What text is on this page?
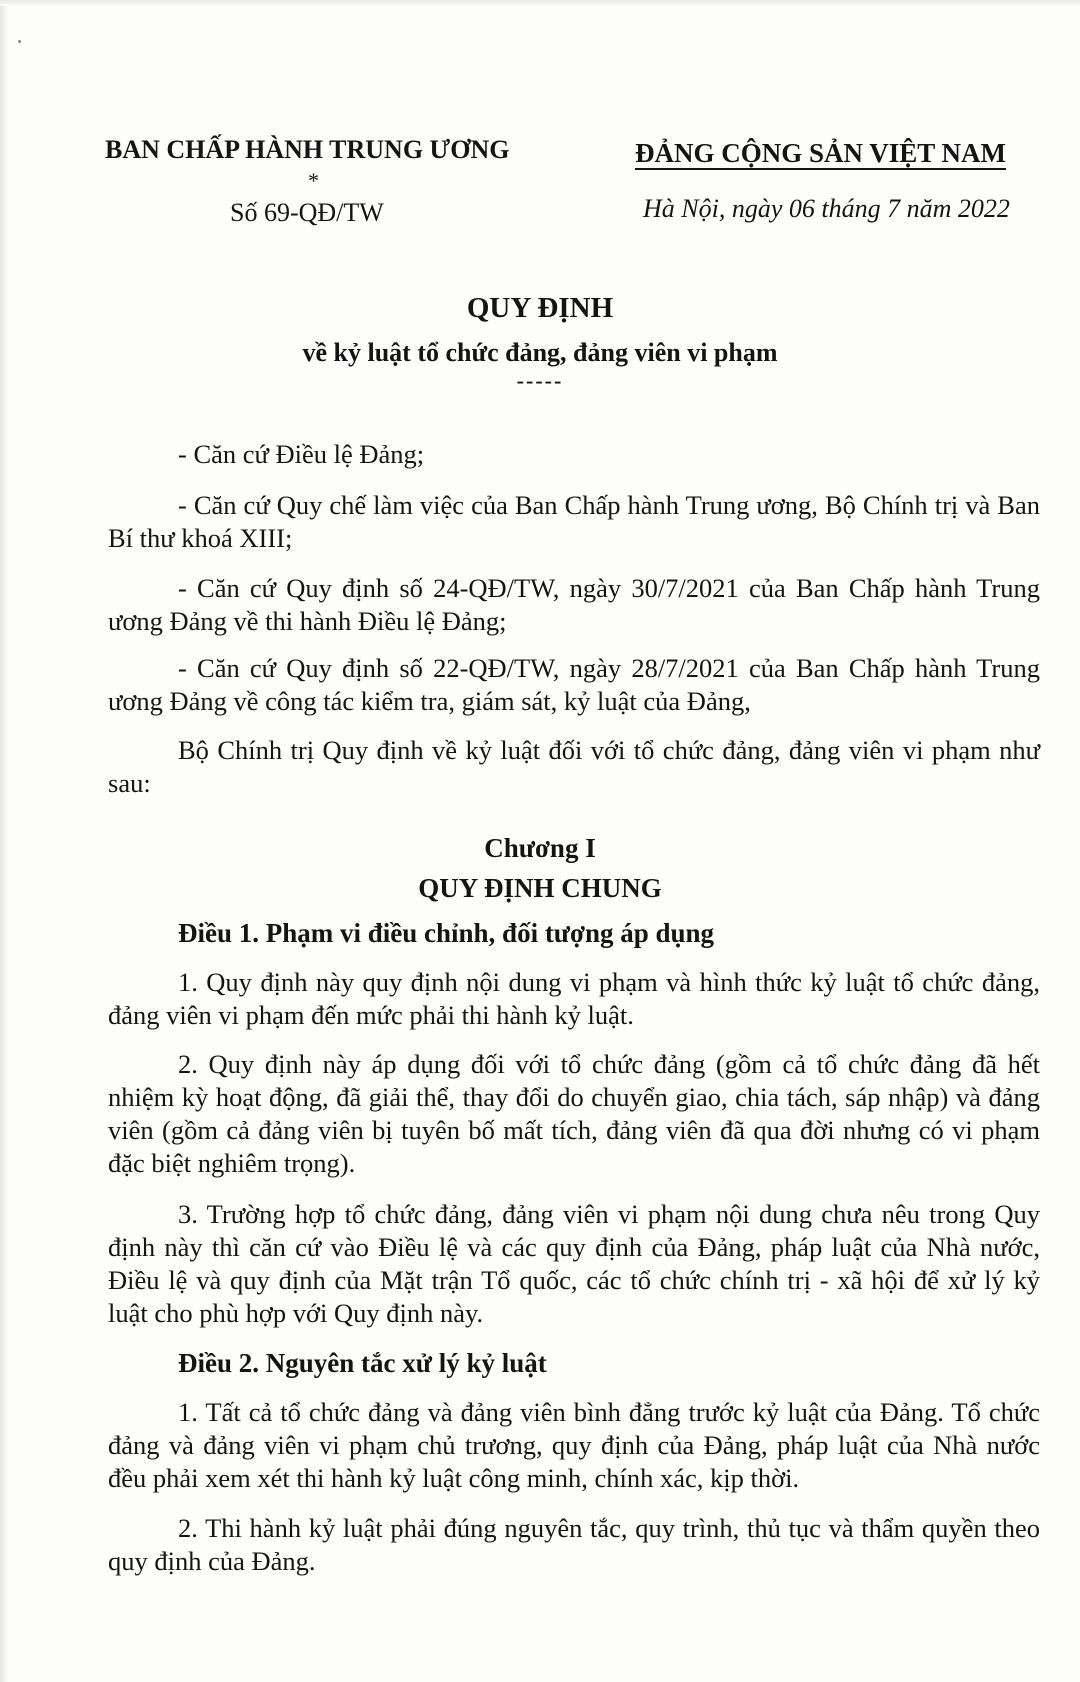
BAN CHẤP HÀNH TRUNG ƯƠNG
*
Số 69-QĐ/TW
ĐẢNG CỘNG SẢN VIỆT NAM
Hà Nội, ngày 06 tháng 7 năm 2022
QUY ĐỊNH
về kỷ luật tổ chức đảng, đảng viên vi phạm
-----

- Căn cứ Điều lệ Đảng;

- Căn cứ Quy chế làm việc của Ban Chấp hành Trung ương, Bộ Chính trị và Ban Bí thư khoá XIII;

- Căn cứ Quy định số 24-QĐ/TW, ngày 30/7/2021 của Ban Chấp hành Trung ương Đảng về thi hành Điều lệ Đảng;

- Căn cứ Quy định số 22-QĐ/TW, ngày 28/7/2021 của Ban Chấp hành Trung ương Đảng về công tác kiểm tra, giám sát, kỷ luật của Đảng,

Bộ Chính trị Quy định về kỷ luật đối với tổ chức đảng, đảng viên vi phạm như sau:

Chương I
QUY ĐỊNH CHUNG
Điều 1. Phạm vi điều chỉnh, đối tượng áp dụng

1. Quy định này quy định nội dung vi phạm và hình thức kỷ luật tổ chức đảng, đảng viên vi phạm đến mức phải thi hành kỷ luật.

2. Quy định này áp dụng đối với tổ chức đảng (gồm cả tổ chức đảng đã hết nhiệm kỳ hoạt động, đã giải thể, thay đổi do chuyển giao, chia tách, sáp nhập) và đảng viên (gồm cả đảng viên bị tuyên bố mất tích, đảng viên đã qua đời nhưng có vi phạm đặc biệt nghiêm trọng).

3. Trường hợp tổ chức đảng, đảng viên vi phạm nội dung chưa nêu trong Quy định này thì căn cứ vào Điều lệ và các quy định của Đảng, pháp luật của Nhà nước, Điều lệ và quy định của Mặt trận Tổ quốc, các tổ chức chính trị - xã hội để xử lý kỷ luật cho phù hợp với Quy định này.

Điều 2. Nguyên tắc xử lý kỷ luật

1. Tất cả tổ chức đảng và đảng viên bình đẳng trước kỷ luật của Đảng. Tổ chức đảng và đảng viên vi phạm chủ trương, quy định của Đảng, pháp luật của Nhà nước đều phải xem xét thi hành kỷ luật công minh, chính xác, kịp thời.

2. Thi hành kỷ luật phải đúng nguyên tắc, quy trình, thủ tục và thẩm quyền theo quy định của Đảng.
